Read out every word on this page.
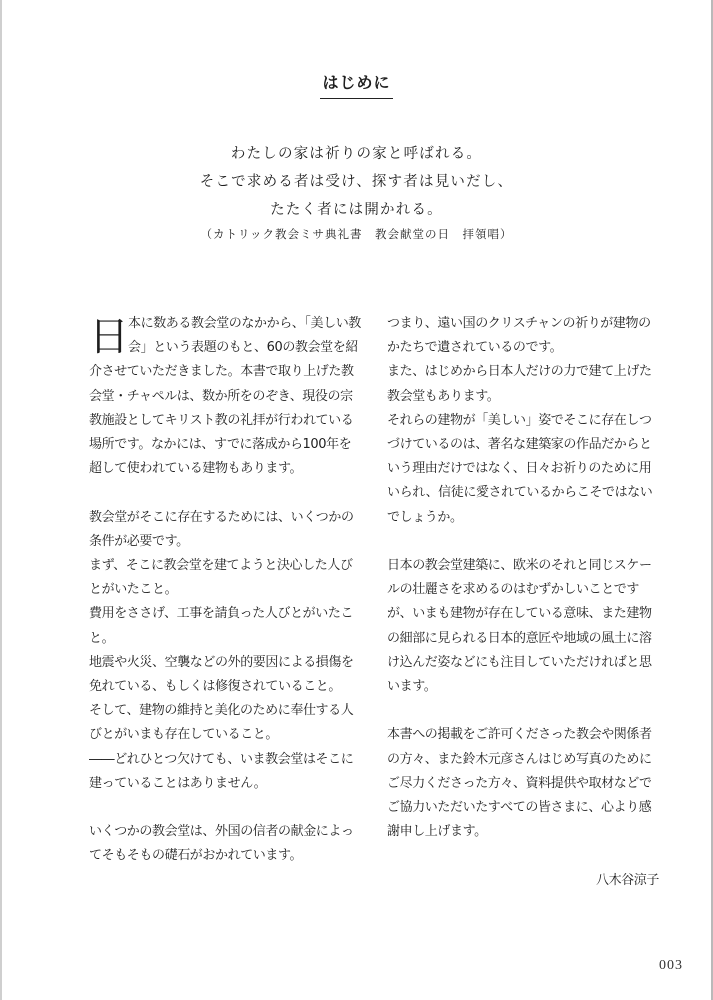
はじめに
わたしの家は祈りの家と呼ばれる。
そこで求める者は受け、探す者は見いだし、
たたく者には開かれる。
（カトリック教会ミサ典礼書　教会献堂の日　拝領唱）

日本に数ある教会堂のなかから、「美しい教会」という表題のもと、60の教会堂を紹介させていただきました。本書で取り上げた教会堂・チャペルは、数か所をのぞき、現役の宗教施設としてキリスト教の礼拝が行われている場所です。なかには、すでに落成から100年を超して使われている建物もあります。

教会堂がそこに存在するためには、いくつかの条件が必要です。

まず、そこに教会堂を建てようと決心した人びとがいたこと。

費用をささげ、工事を請負った人びとがいたこと。

地震や火災、空襲などの外的要因による損傷を免れている、もしくは修復されていること。

そして、建物の維持と美化のために奉仕する人びとがいまも存在していること。

――どれひとつ欠けても、いま教会堂はそこに建っていることはありません。

いくつかの教会堂は、外国の信者の献金によってそもそもの礎石がおかれています。

つまり、遠い国のクリスチャンの祈りが建物のかたちで遺されているのです。

また、はじめから日本人だけの力で建て上げた教会堂もあります。

それらの建物が「美しい」姿でそこに存在しつづけているのは、著名な建築家の作品だからという理由だけではなく、日々お祈りのために用いられ、信徒に愛されているからこそではないでしょうか。

日本の教会堂建築に、欧米のそれと同じスケールの壮麗さを求めるのはむずかしいことですが、いまも建物が存在している意味、また建物の細部に見られる日本的意匠や地域の風土に溶け込んだ姿などにも注目していただければと思います。

本書への掲載をご許可くださった教会や関係者の方々、また鈴木元彦さんはじめ写真のためにご尽力くださった方々、資料提供や取材などでご協力いただいたすべての皆さまに、心より感謝申し上げます。

八木谷涼子

003
